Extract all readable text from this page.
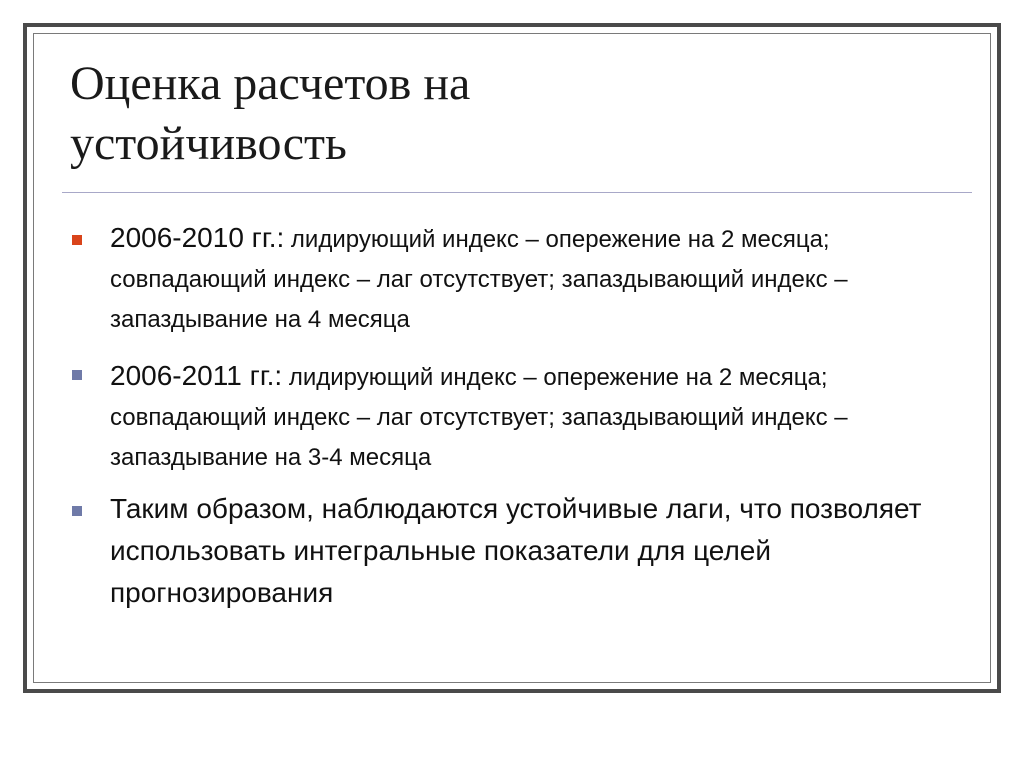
Оценка расчетов на
устойчивость
2006-2010 гг.: лидирующий индекс – опережение на 2 месяца; совпадающий индекс – лаг отсутствует; запаздывающий индекс – запаздывание на 4 месяца
2006-2011 гг.: лидирующий индекс – опережение на 2 месяца; совпадающий индекс – лаг отсутствует; запаздывающий индекс – запаздывание на 3-4 месяца
Таким образом, наблюдаются устойчивые лаги, что позволяет использовать интегральные показатели для целей прогнозирования
